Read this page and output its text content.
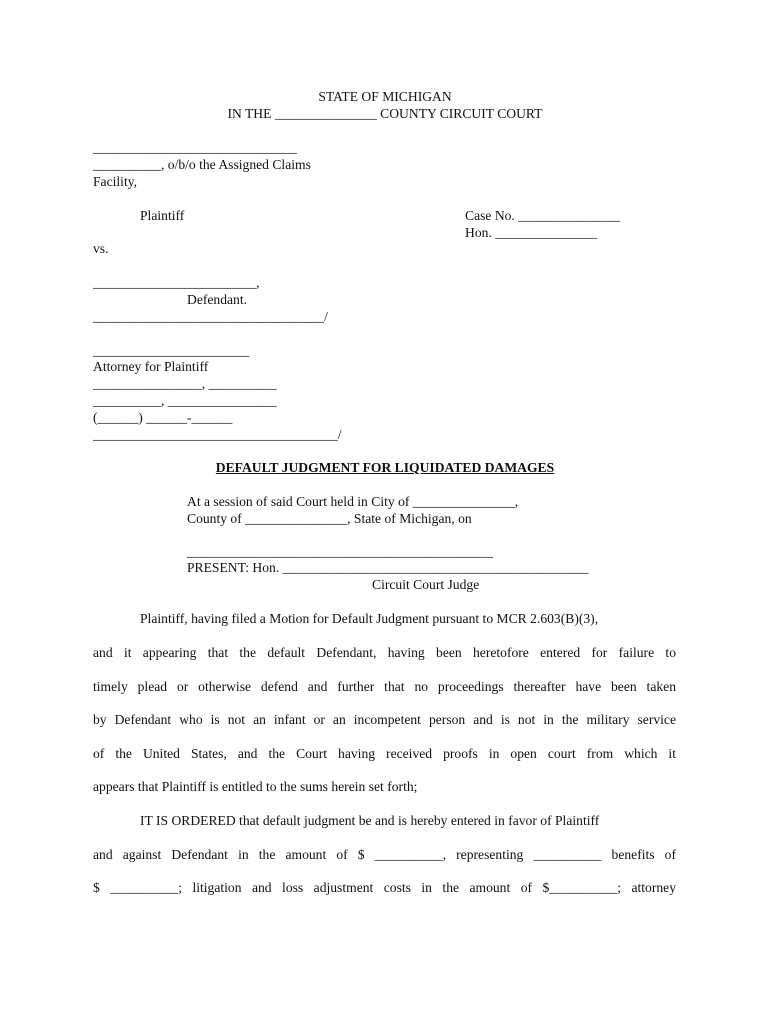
STATE OF MICHIGAN
IN THE _______________ COUNTY CIRCUIT COURT
______________________________
__________, o/b/o the Assigned Claims
Facility,
Plaintiff	Case No. _______________
Hon. _______________
vs.
________________________,
Defendant.
__________________________________/
_______________________
Attorney for Plaintiff
________________, __________
__________, ________________
(______) ______-______
____________________________________/
DEFAULT JUDGMENT FOR LIQUIDATED DAMAGES
At a session of said Court held in City of _______________,
County of _______________, State of Michigan, on
_____________________________________________
PRESENT: Hon. _____________________________________________
Circuit Court Judge
Plaintiff, having filed a Motion for Default Judgment pursuant to MCR 2.603(B)(3),
and it appearing that the default Defendant, having been heretofore entered for failure to
timely plead or otherwise defend and further that no proceedings thereafter have been taken
by Defendant who is not an infant or an incompetent person and is not in the military service
of the United States, and the Court having received proofs in open court from which it
appears that Plaintiff is entitled to the sums herein set forth;
IT IS ORDERED that default judgment be and is hereby entered in favor of Plaintiff
and against Defendant in the amount of $ __________, representing __________ benefits of
$ __________; litigation and loss adjustment costs in the amount of $__________; attorney
